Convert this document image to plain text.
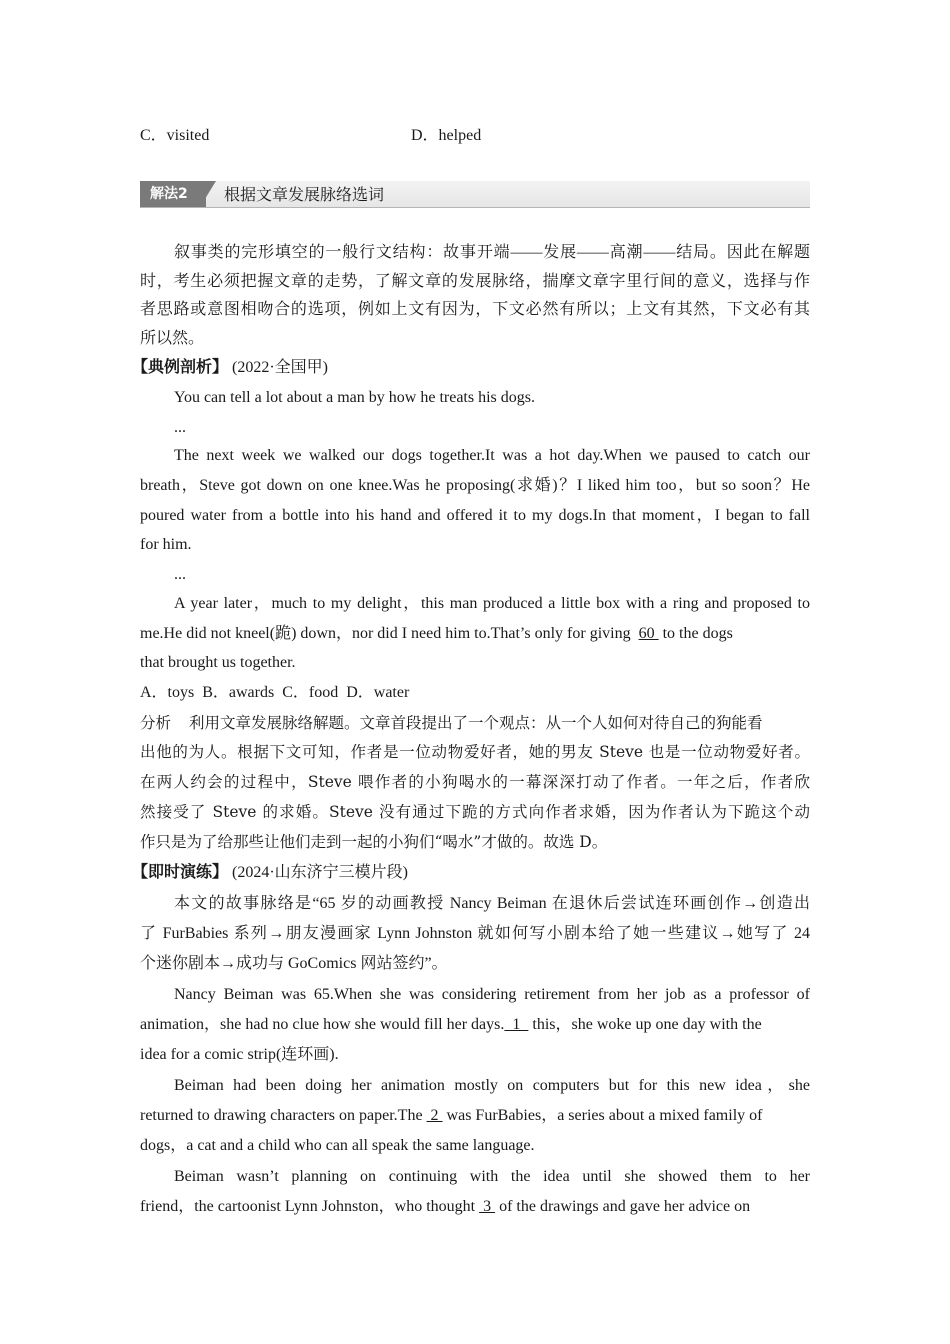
C．visited	D．helped
解法2	根据文章发展脉络选词
叙事类的完形填空的一般行文结构：故事开端——发展——高潮——结局。因此在解题
时，考生必须把握文章的走势，了解文章的发展脉络，揣摩文章字里行间的意义，选择与作
者思路或意图相吻合的选项，例如上文有因为，下文必然有所以；上文有其然，下文必有其
所以然。
【典例剖析】 (2022·全国甲)
You can tell a lot about a man by how he treats his dogs.
...
The next week we walked our dogs together.It was a hot day.When we paused to catch our
breath，Steve got down on one knee.Was he proposing(求婚)？I liked him too，but so soon？He
poured water from a bottle into his hand and offered it to my dogs.In that moment，I began to fall
for him.
...
A year later，much to my delight，this man produced a little box with a ring and proposed to
me.He did not kneel(跪) down，nor did I need him to.That’s only for giving 60 to the dogs
that brought us together.
A．toys  B．awards  C．food  D．water
分析 利用文章发展脉络解题。文章首段提出了一个观点：从一个人如何对待自己的狗能看
出他的为人。根据下文可知，作者是一位动物爱好者，她的男友 Steve 也是一位动物爱好者。
在两人约会的过程中，Steve 喂作者的小狗喝水的一幕深深打动了作者。一年之后，作者欣
然接受了 Steve 的求婚。Steve 没有通过下跪的方式向作者求婚，因为作者认为下跪这个动
作只是为了给那些让他们走到一起的小狗们“喝水”才做的。故选 D。
【即时演练】 (2024·山东济宁三模片段)
本文的故事脉络是“65 岁的动画教授 Nancy Beiman 在退休后尝试连环画创作→创造出
了 FurBabies 系列→朋友漫画家 Lynn Johnston 就如何写小剧本给了她一些建议→她写了 24
个迷你剧本→成功与 GoComics 网站签约”。
Nancy Beiman was 65.When she was considering retirement from her job as a professor of
animation，she had no clue how she would fill her days.  1   this，she woke up one day with the
idea for a comic strip(连环画).
Beiman had been doing her animation mostly on computers but for this new idea，she
returned to drawing characters on paper.The  2  was FurBabies，a series about a mixed family of
dogs，a cat and a child who can all speak the same language.
Beiman wasn’t planning on continuing with the idea until she showed them to her
friend，the cartoonist Lynn Johnston，who thought  3  of the drawings and gave her advice on
